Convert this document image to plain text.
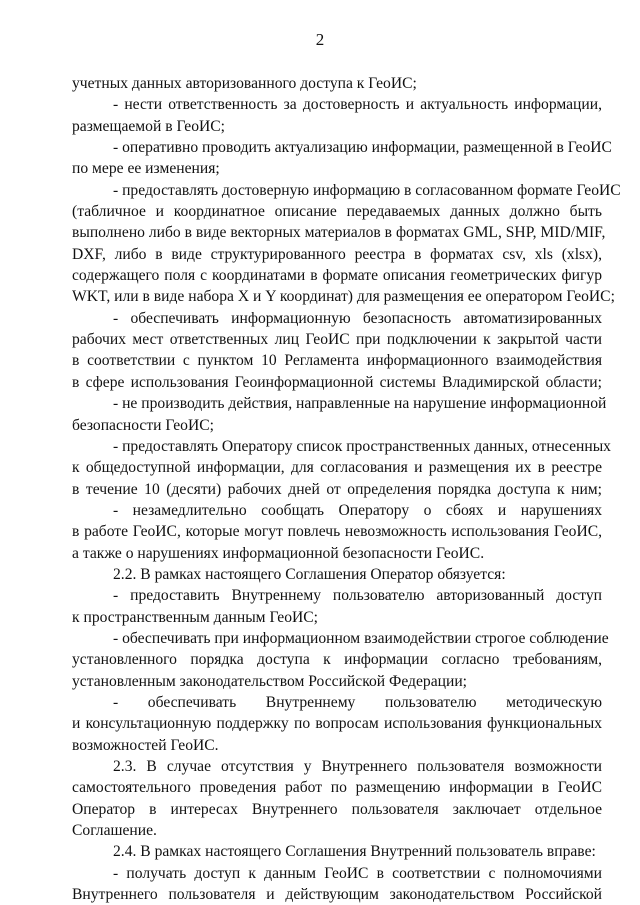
2
учетных данных авторизованного доступа к ГеоИС;
- нести ответственность за достоверность и актуальность информации,
размещаемой в ГеоИС;
- оперативно проводить актуализацию информации, размещенной в ГеоИС
по мере ее изменения;
- предоставлять достоверную информацию в согласованном формате ГеоИС
(табличное и координатное описание передаваемых данных должно быть
выполнено либо в виде векторных материалов в форматах GML, SHP, MID/MIF,
DXF, либо в виде структурированного реестра в форматах csv, xls (xlsx),
содержащего поля с координатами в формате описания геометрических фигур
WKT, или в виде набора X и Y координат) для размещения ее оператором ГеоИС;
- обеспечивать информационную безопасность автоматизированных
рабочих мест ответственных лиц ГеоИС при подключении к закрытой части
в соответствии с пунктом 10 Регламента информационного взаимодействия
в сфере использования Геоинформационной системы Владимирской области;
- не производить действия, направленные на нарушение информационной
безопасности ГеоИС;
- предоставлять Оператору список пространственных данных, отнесенных
к общедоступной информации, для согласования и размещения их в реестре
в течение 10 (десяти) рабочих дней от определения порядка доступа к ним;
- незамедлительно сообщать Оператору о сбоях и нарушениях
в работе ГеоИС, которые могут повлечь невозможность использования ГеоИС,
а также о нарушениях информационной безопасности ГеоИС.
2.2. В рамках настоящего Соглашения Оператор обязуется:
- предоставить Внутреннему пользователю авторизованный доступ
к пространственным данным ГеоИС;
- обеспечивать при информационном взаимодействии строгое соблюдение
установленного порядка доступа к информации согласно требованиям,
установленным законодательством Российской Федерации;
- обеспечивать Внутреннему пользователю методическую
и консультационную поддержку по вопросам использования функциональных
возможностей ГеоИС.
2.3. В случае отсутствия у Внутреннего пользователя возможности
самостоятельного проведения работ по размещению информации в ГеоИС
Оператор в интересах Внутреннего пользователя заключает отдельное
Соглашение.
2.4. В рамках настоящего Соглашения Внутренний пользователь вправе:
- получать доступ к данным ГеоИС в соответствии с полномочиями
Внутреннего пользователя и действующим законодательством Российской
